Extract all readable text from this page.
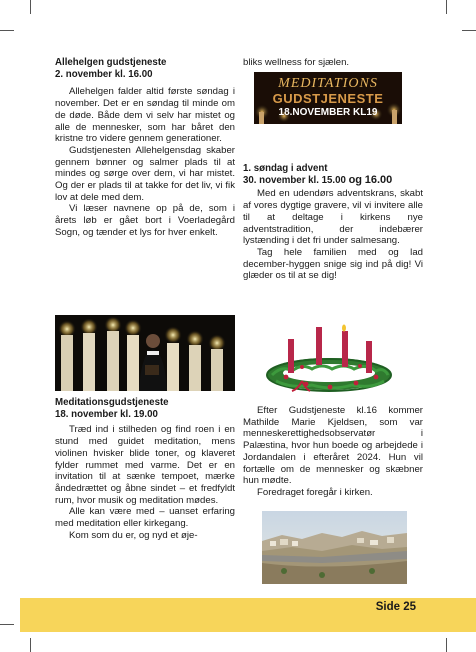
Allehelgen gudstjeneste
2. november kl. 16.00

Allehelgen falder altid første søndag i november. Det er en søndag til minde om de døde. Både dem vi selv har mistet og alle de mennesker, som har båret den kristne tro videre gennem generationer.

Gudstjenesten Allehelgensdag skaber gennem bønner og salmer plads til at mindes og sørge over dem, vi har mistet. Og der er plads til at takke for det liv, vi fik lov at dele med dem.

Vi læser navnene op på de, som i årets løb er gået bort i Voerladegård Sogn, og tænder et lys for hver enkelt.

Meditationsgudstjeneste
18. november kl. 19.00

Træd ind i stilheden og find roen i en stund med guidet meditation, mens violinen hvisker blide toner, og klaveret fylder rummet med varme. Det er en invitation til at sænke tempoet, mærke åndedrættet og åbne sindet – et fredfyldt rum, hvor musik og meditation mødes.

Alle kan være med – uanset erfaring med meditation eller kirkegang.

Kom som du er, og nyd et øje-

bliks wellness for sjælen.

MEDITATIONS
GUDSTJENESTE
18.NOVEMBER KL19
1. søndag i advent
30. november kl. 15.00 og 16.00

Med en udendørs adventskrans, skabt af vores dygtige gravere, vil vi invitere alle til at deltage i kirkens nye adventstradition, der indebærer lystænding i det fri under salmesang.

Tag hele familien med og lad december-hyggen snige sig ind på dig! Vi glæder os til at se dig!

Efter Gudstjeneste kl.16 kommer Mathilde Marie Kjeldsen, som var menneskerettighedsobservatør i Palæstina, hvor hun boede og arbejdede i Jordandalen i efteråret 2024. Hun vil fortælle om de mennesker og skæbner hun mødte.

Foredraget foregår i kirken.

Side 25
